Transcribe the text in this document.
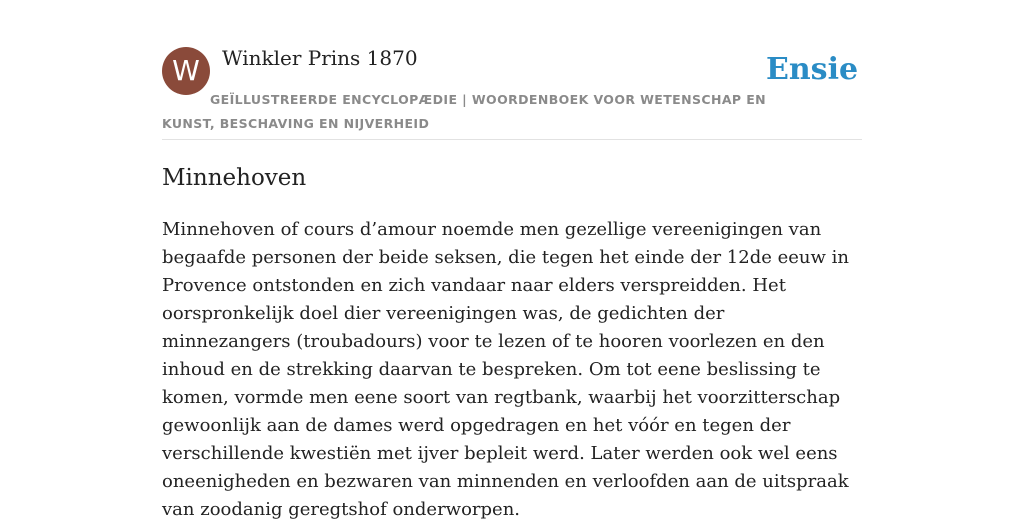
W	Winkler Prins 1870	Ensie
GEÏLLUSTREERDE ENCYCLOPÆDIE | WOORDENBOEK VOOR WETENSCHAP EN KUNST, BESCHAVING EN NIJVERHEID
Minnehoven

Minnehoven of cours d’amour noemde men gezellige vereenigingen van begaafde personen der beide seksen, die tegen het einde der 12de eeuw in Provence ontstonden en zich vandaar naar elders verspreidden. Het oorspronkelijk doel dier vereenigingen was, de gedichten der minnezangers (troubadours) voor te lezen of te hooren voorlezen en den inhoud en de strekking daarvan te bespreken. Om tot eene beslissing te komen, vormde men eene soort van regtbank, waarbij het voorzitterschap gewoonlijk aan de dames werd opgedragen en het vóór en tegen der verschillende kwestiën met ijver bepleit werd. Later werden ook wel eens oneenigheden en bezwaren van minnenden en verloofden aan de uitspraak van zoodanig geregtshof onderworpen.
